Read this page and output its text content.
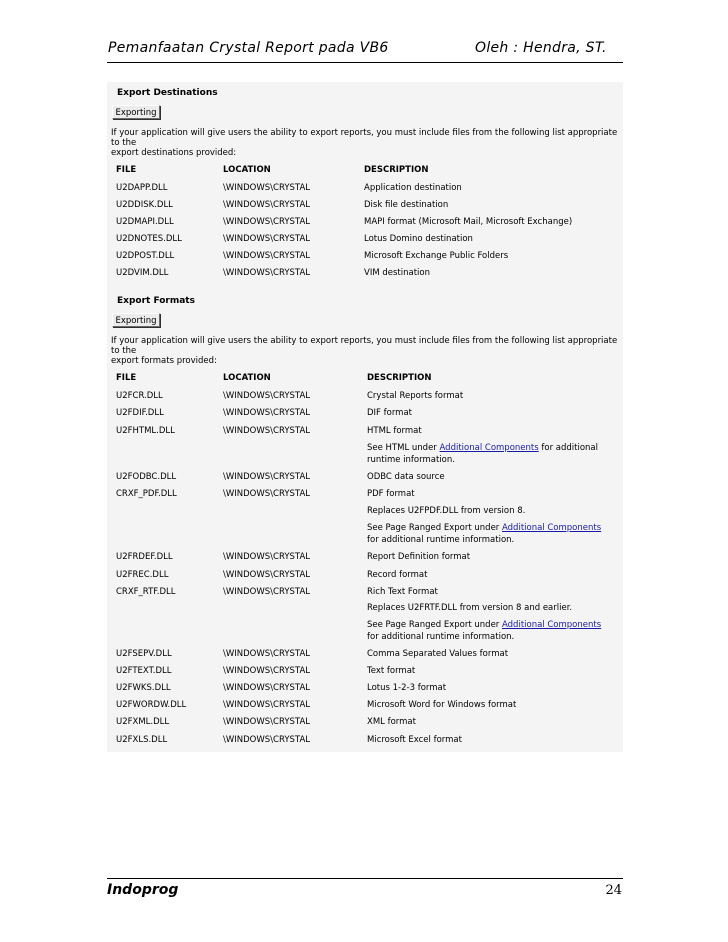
Pemanfaatan Crystal Report pada VB6	Oleh : Hendra, ST.
Export Destinations
Exporting
If your application will give users the ability to export reports, you must include files from the following list appropriate to the
export destinations provided:
FILE	LOCATION	DESCRIPTION
U2DAPP.DLL	\WINDOWS\CRYSTAL	Application destination
U2DDISK.DLL	\WINDOWS\CRYSTAL	Disk file destination
U2DMAPI.DLL	\WINDOWS\CRYSTAL	MAPI format (Microsoft Mail, Microsoft Exchange)
U2DNOTES.DLL	\WINDOWS\CRYSTAL	Lotus Domino destination
U2DPOST.DLL	\WINDOWS\CRYSTAL	Microsoft Exchange Public Folders
U2DVIM.DLL	\WINDOWS\CRYSTAL	VIM destination
Export Formats
Exporting
If your application will give users the ability to export reports, you must include files from the following list appropriate to the
export formats provided:
FILE	LOCATION	DESCRIPTION
U2FCR.DLL	\WINDOWS\CRYSTAL	Crystal Reports format
U2FDIF.DLL	\WINDOWS\CRYSTAL	DIF format
U2FHTML.DLL	\WINDOWS\CRYSTAL	HTML format
See HTML under Additional Components for additional
runtime information.
U2FODBC.DLL	\WINDOWS\CRYSTAL	ODBC data source
CRXF_PDF.DLL	\WINDOWS\CRYSTAL	PDF format
Replaces U2FPDF.DLL from version 8.
See Page Ranged Export under Additional Components
for additional runtime information.
U2FRDEF.DLL	\WINDOWS\CRYSTAL	Report Definition format
U2FREC.DLL	\WINDOWS\CRYSTAL	Record format
CRXF_RTF.DLL	\WINDOWS\CRYSTAL	Rich Text Format
Replaces U2FRTF.DLL from version 8 and earlier.
See Page Ranged Export under Additional Components
for additional runtime information.
U2FSEPV.DLL	\WINDOWS\CRYSTAL	Comma Separated Values format
U2FTEXT.DLL	\WINDOWS\CRYSTAL	Text format
U2FWKS.DLL	\WINDOWS\CRYSTAL	Lotus 1-2-3 format
U2FWORDW.DLL	\WINDOWS\CRYSTAL	Microsoft Word for Windows format
U2FXML.DLL	\WINDOWS\CRYSTAL	XML format
U2FXLS.DLL	\WINDOWS\CRYSTAL	Microsoft Excel format
Indoprog	24
